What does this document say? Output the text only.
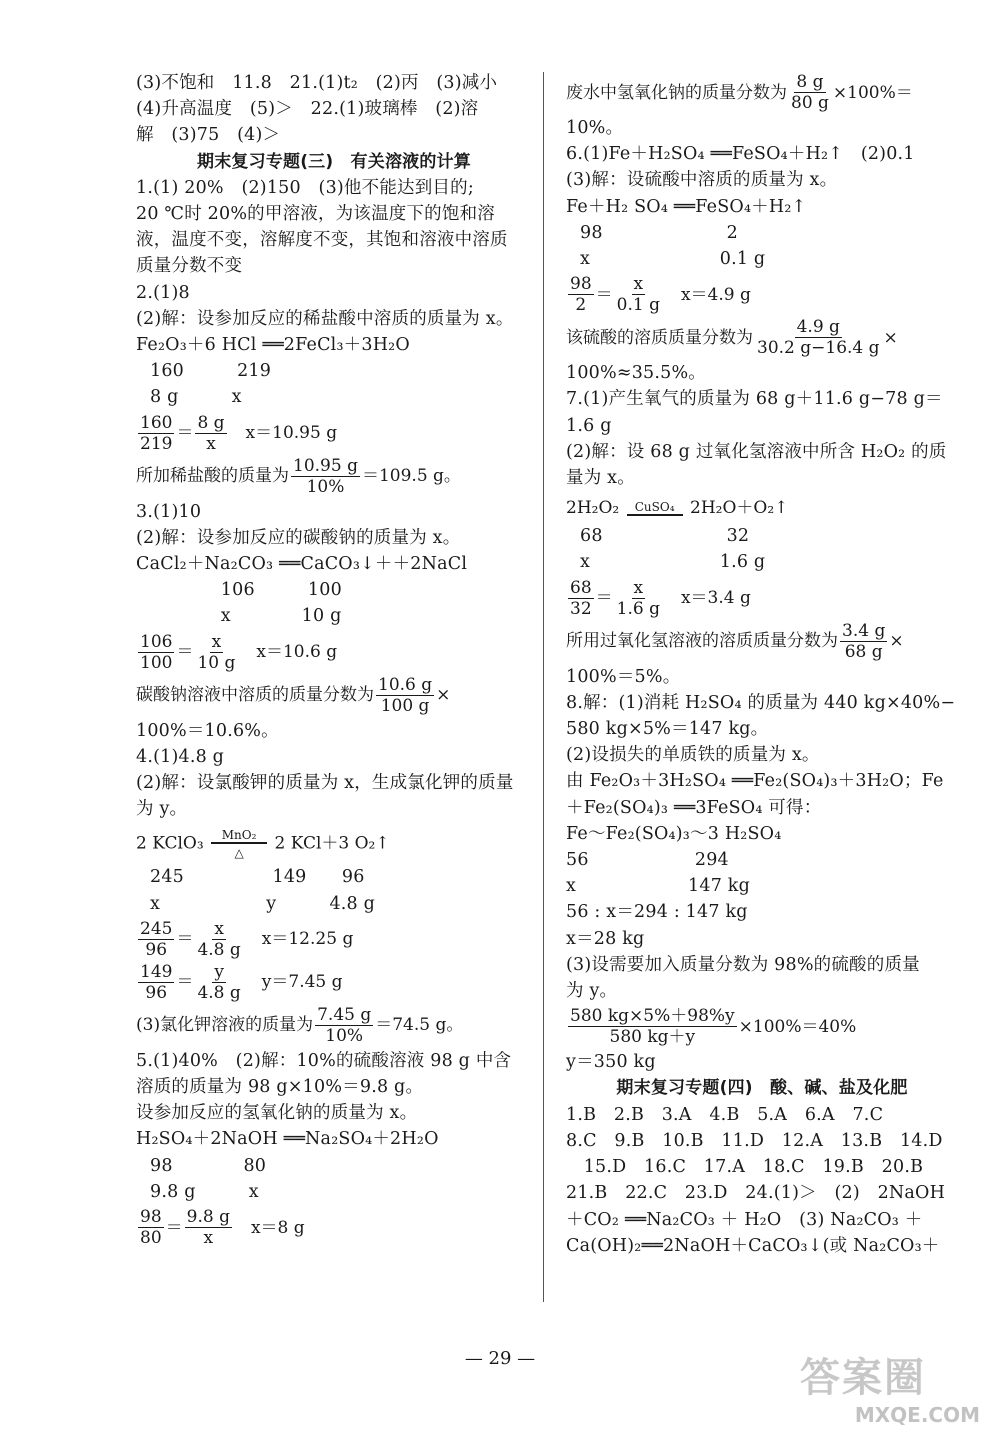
(3)不饱和　11.8　21.(1)t₂　(2)丙　(3)减小
(4)升高温度　(5)＞　22.(1)玻璃棒　(2)溶
解　(3)75　(4)＞
期末复习专题(三)　有关溶液的计算
1.(1) 20%　(2)150　(3)他不能达到目的;
20 ℃时 20%的甲溶液，为该温度下的饱和溶
液，温度不变，溶解度不变，其饱和溶液中溶质
质量分数不变
2.(1)8
(2)解：设参加反应的稀盐酸中溶质的质量为 x。
Fe₂O₃＋6 HCl ══2FeCl₃＋3H₂O
160　　　219
8 g　　　x
$\frac{160}{219} = \frac{8 g}{x}$ 　x＝10.95 g
所加稀盐酸的质量为 $\frac{10.95 g}{10\%} =109.5$ g。
3.(1)10
(2)解：设参加反应的碳酸钠的质量为 x。
CaCl₂＋Na₂CO₃ ══CaCO₃↓＋＋2NaCl
　　　　106　　　100
　　　　x　　　　10 g
$\frac{106}{100} = \frac{x}{10 g}$ 　x＝10.6 g
碳酸钠溶液中溶质的质量分数为 $\frac{10.6 g}{100 g}$ ×
100%＝10.6%。
4.(1)4.8 g
(2)解：设氯酸钾的质量为 x，生成氯化钾的质量
为 y。
2 KClO₃ MnO₂
△ 2 KCl＋3 O₂↑
245　　　　　149　　96
x　　　　　　y　　　4.8 g
$\frac{245}{96} = \frac{x}{4.8 g}$ 　x＝12.25 g
$\frac{149}{96} = \frac{y}{4.8 g}$ 　y＝7.45 g
(3)氯化钾溶液的质量为 $\frac{7.45 g}{10\%} =74.5$ g。
5.(1)40%　(2)解：10%的硫酸溶液 98 g 中含
溶质的质量为 98 g×10%＝9.8 g。
设参加反应的氢氧化钠的质量为 x。
H₂SO₄＋2NaOH ══Na₂SO₄＋2H₂O
98　　　　80
9.8 g　　　x
$\frac{98}{80} = \frac{9.8 g}{x}$ 　x＝8 g
废水中氢氧化钠的质量分数为 $\frac{8 g}{80 g} \times 100\%=$
10%。
6.(1)Fe＋H₂SO₄ ══FeSO₄＋H₂↑　(2)0.1
(3)解：设硫酸中溶质的质量为 x。
Fe＋H₂ SO₄ ══FeSO₄＋H₂↑
98　　　　　　　2
x　　　　　　　 0.1 g
$\frac{98}{2} = \frac{x}{0.1 g}$ 　x＝4.9 g
该硫酸的溶质质量分数为 $\frac{4.9 g}{30.2 g-16.4 g}$ ×
100%≈35.5%。
7.(1)产生氧气的质量为 68 g＋11.6 g−78 g＝
1.6 g
(2)解：设 68 g 过氧化氢溶液中所含 H₂O₂ 的质
量为 x。
2H₂O₂ CuSO₄ 2H₂O＋O₂↑
68　　　　　　　32
x　　　　　　　 1.6 g
$\frac{68}{32} = \frac{x}{1.6 g}$ 　x＝3.4 g
所用过氧化氢溶液的溶质质量分数为 $\frac{3.4 g}{68 g}$ ×
100%＝5%。
8.解：(1)消耗 H₂SO₄ 的质量为 440 kg×40%−
580 kg×5%＝147 kg。
(2)设损失的单质铁的质量为 x。
由 Fe₂O₃＋3H₂SO₄ ══Fe₂(SO₄)₃＋3H₂O；Fe
＋Fe₂(SO₄)₃ ══3FeSO₄ 可得：
Fe～Fe₂(SO₄)₃～3 H₂SO₄
56　　　　　　294
x　　　　　　 147 kg
56 : x＝294 : 147 kg
x＝28 kg
(3)设需要加入质量分数为 98%的硫酸的质量
为 y。
$\frac{580 kg\times 5\%+98\%y}{580 kg+y} \times 100\%=40\%$
y＝350 kg
期末复习专题(四)　酸、碱、盐及化肥
1.B　2.B　3.A　4.B　5.A　6.A　7.C
8.C　9.B　10.B　11.D　12.A　13.B　14.D
　15.D　16.C　17.A　18.C　19.B　20.B
21.B　22.C　23.D　24.(1)＞　(2)　2NaOH
＋CO₂ ══Na₂CO₃ ＋ H₂O　(3) Na₂CO₃ ＋
Ca(OH)₂══2NaOH＋CaCO₃↓(或 Na₂CO₃＋
— 29 —	答案圈
MXQE.COM
